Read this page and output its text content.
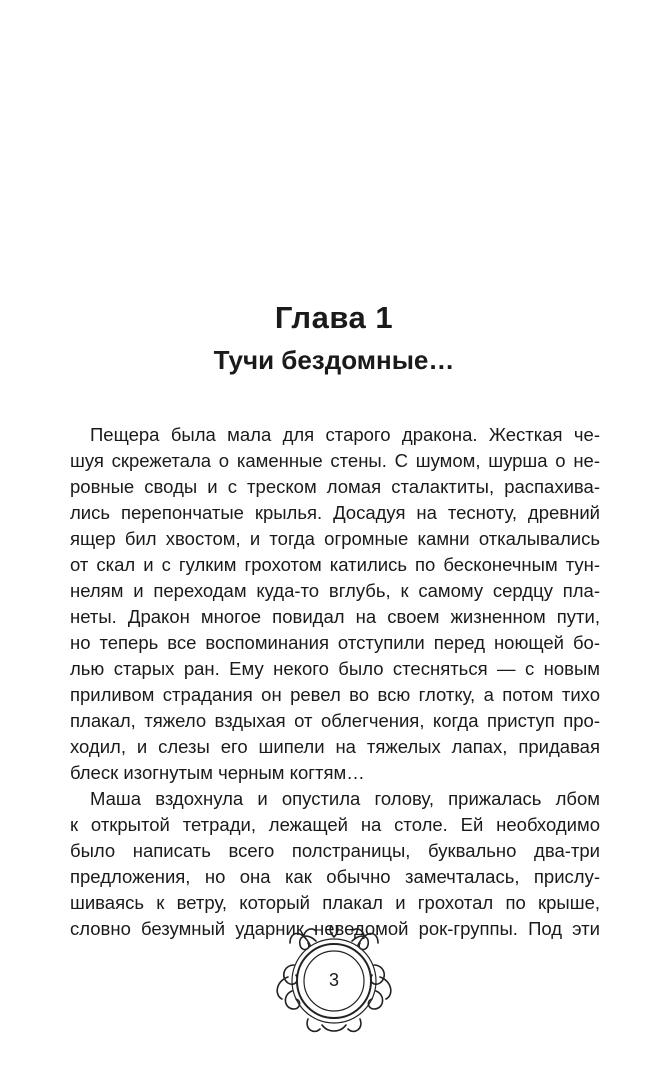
Глава 1
Тучи бездомные…
Пещера была мала для старого дракона. Жесткая че-
шуя скрежетала о каменные стены. С шумом, шурша о не-
ровные своды и с треском ломая сталактиты, распахива-
лись перепончатые крылья. Досадуя на тесноту, древний
ящер бил хвостом, и тогда огромные камни откалывались
от скал и с гулким грохотом катились по бесконечным тун-
нелям и переходам куда-то вглубь, к самому сердцу пла-
неты. Дракон многое повидал на своем жизненном пути,
но теперь все воспоминания отступили перед ноющей бо-
лью старых ран. Ему некого было стесняться — с новым
приливом страдания он ревел во всю глотку, а потом тихо
плакал, тяжело вздыхая от облегчения, когда приступ про-
ходил, и слезы его шипели на тяжелых лапах, придавая
блеск изогнутым черным когтям…
Маша вздохнула и опустила голову, прижалась лбом
к открытой тетради, лежащей на столе. Ей необходимо
было написать всего полстраницы, буквально два-три
предложения, но она как обычно замечталась, прислу-
шиваясь к ветру, который плакал и грохотал по крыше,
словно безумный ударник неведомой рок-группы. Под эти
3
